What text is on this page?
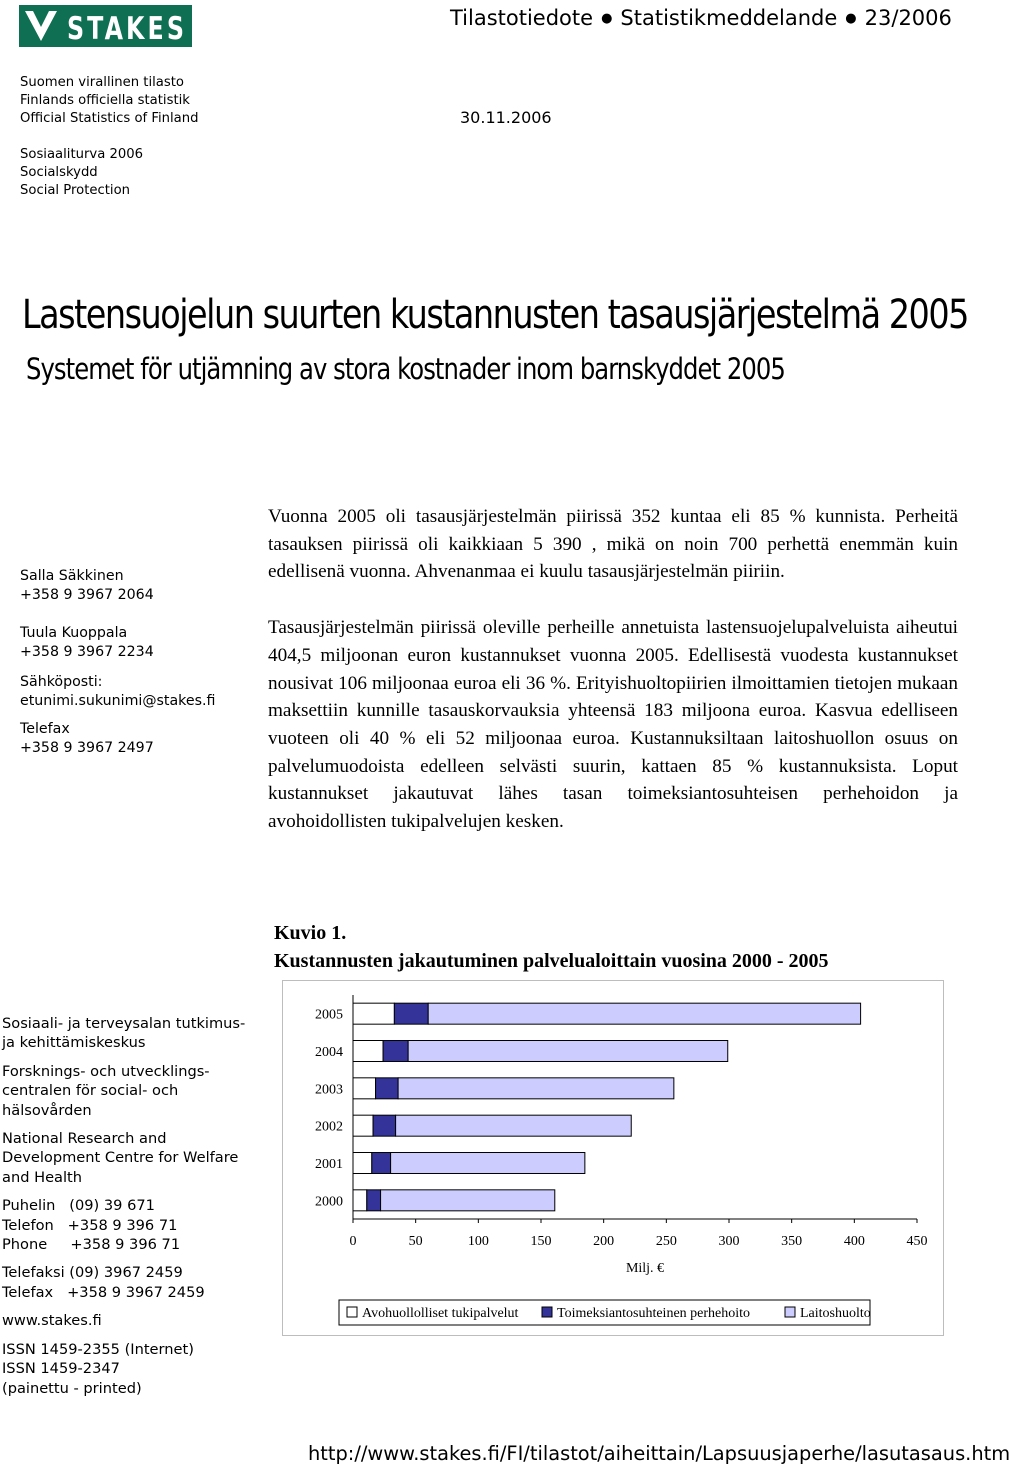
STAKES	Tilastotiedote ● Statistikmeddelande ● 23/2006
Suomen virallinen tilasto
Finlands officiella statistik
Official Statistics of Finland	30.11.2006
Sosiaaliturva 2006
Socialskydd
Social Protection
Lastensuojelun suurten kustannusten tasausjärjestelmä 2005
Systemet för utjämning av stora kostnader inom barnskyddet 2005
Salla Säkkinen
+358 9 3967 2064
Tuula Kuoppala
+358 9 3967 2234
Sähköposti:
etunimi.sukunimi@stakes.fi
Telefax
+358 9 3967 2497

Vuonna 2005 oli tasausjärjestelmän piirissä 352 kuntaa eli 85 % kunnista. Perheitä tasauksen piirissä oli kaikkiaan 5 390 , mikä on noin 700 perhettä enemmän kuin edellisenä vuonna. Ahvenanmaa ei kuulu tasausjärjestelmän piiriin.

Tasausjärjestelmän piirissä oleville perheille annetuista lastensuojelupalveluista aiheutui 404,5 miljoonan euron kustannukset vuonna 2005. Edellisestä vuodesta kustannukset nousivat 106 miljoonaa euroa eli 36 %. Erityishuoltopiirien ilmoittamien tietojen mukaan maksettiin kunnille tasauskorvauksia yhteensä 183 miljoona euroa. Kasvua edelliseen vuoteen oli 40 % eli 52 miljoonaa euroa. Kustannuksiltaan laitoshuollon osuus on palvelumuodoista edelleen selvästi suurin, kattaen 85 % kustannuksista. Loput kustannukset jakautuvat lähes tasan toimeksiantosuhteisen perhehoidon ja avohoidollisten tukipalvelujen kesken.

Kuvio 1.
Kustannusten jakautuminen palvelualoittain vuosina 2000 - 2005
2005
2004
2003
2002
2001
2000
0	50	100	150	200	250	300	350	400	450
Milj. €
Avohuollolliset tukipalvelut	Toimeksiantosuhteinen perhehoito	Laitoshuolto
Sosiaali- ja terveysalan tutkimus-
ja kehittämiskeskus
Forsknings- och utvecklings-
centralen för social- och
hälsovården
National Research and
Development Centre for Welfare
and Health
Puhelin   (09) 39 671
Telefon   +358 9 396 71
Phone     +358 9 396 71
Telefaksi (09) 3967 2459
Telefax   +358 9 3967 2459
www.stakes.fi
ISSN 1459-2355 (Internet)
ISSN 1459-2347
(painettu - printed)
http://www.stakes.fi/FI/tilastot/aiheittain/Lapsuusjaperhe/lasutasaus.htm
